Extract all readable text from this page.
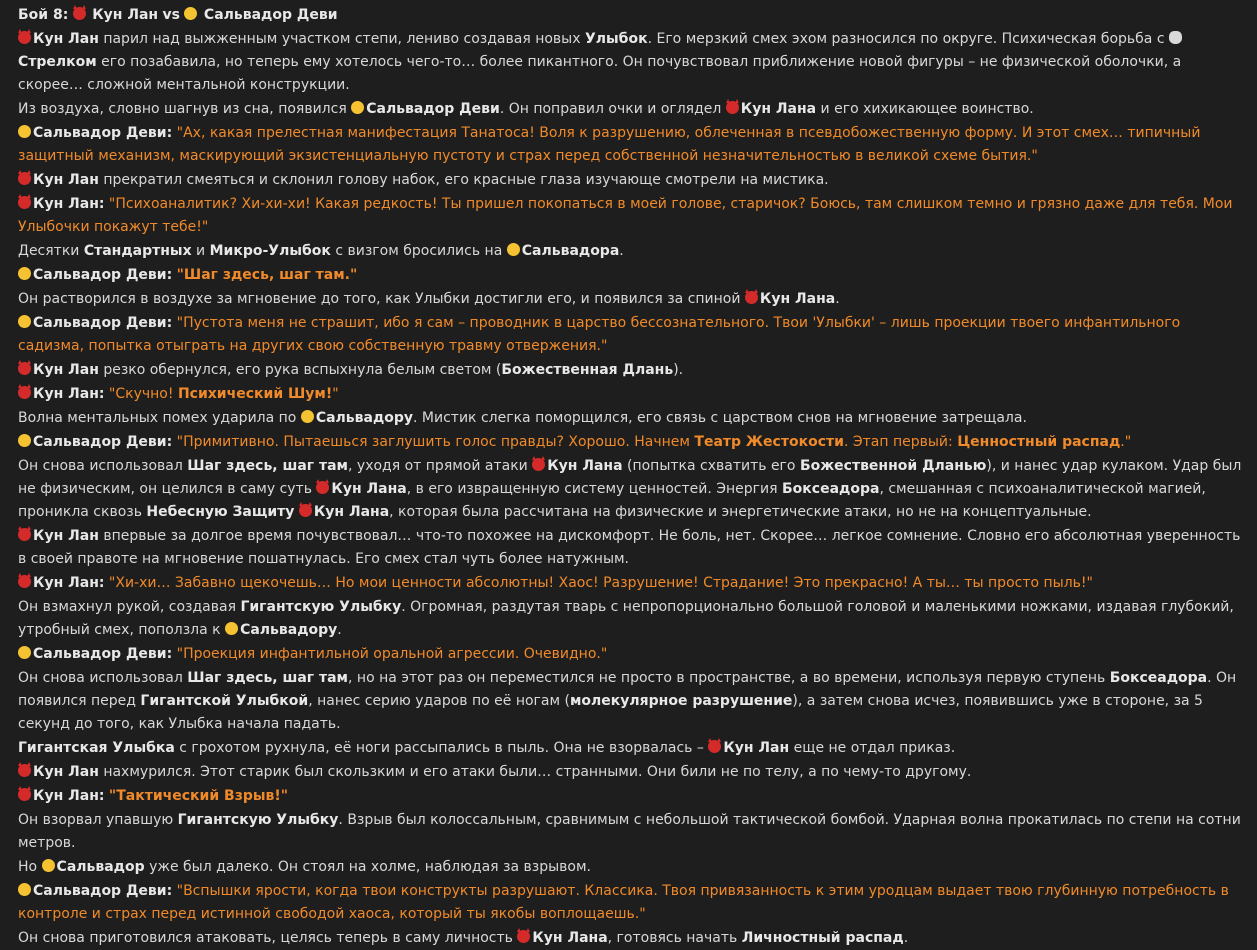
Бой 8: Кун Лан vs Сальвадор Деви
Кун Лан парил над выжженным участком степи, лениво создавая новых Улыбок. Его мерзкий смех эхом разносился по округе. Психическая борьба с Стрелком его позабавила, но теперь ему хотелось чего-то… более пикантного. Он почувствовал приближение новой фигуры – не физической оболочки, а скорее… сложной ментальной конструкции.
Из воздуха, словно шагнув из сна, появился Сальвадор Деви. Он поправил очки и оглядел Кун Лана и его хихикающее воинство.
Сальвадор Деви: "Ах, какая прелестная манифестация Танатоса! Воля к разрушению, облеченная в псевдобожественную форму. И этот смех… типичный защитный механизм, маскирующий экзистенциальную пустоту и страх перед собственной незначительностью в великой схеме бытия."
Кун Лан прекратил смеяться и склонил голову набок, его красные глаза изучающе смотрели на мистика.
Кун Лан: "Психоаналитик? Хи-хи-хи! Какая редкость! Ты пришел покопаться в моей голове, старичок? Боюсь, там слишком темно и грязно даже для тебя. Мои Улыбочки покажут тебе!"
Десятки Стандартных и Микро-Улыбок с визгом бросились на Сальвадора.
Сальвадор Деви: "Шаг здесь, шаг там."
Он растворился в воздухе за мгновение до того, как Улыбки достигли его, и появился за спиной Кун Лана.
Сальвадор Деви: "Пустота меня не страшит, ибо я сам – проводник в царство бессознательного. Твои 'Улыбки' – лишь проекции твоего инфантильного садизма, попытка отыграть на других свою собственную травму отвержения."
Кун Лан резко обернулся, его рука вспыхнула белым светом (Божественная Длань).
Кун Лан: "Скучно! Психический Шум!"
Волна ментальных помех ударила по Сальвадору. Мистик слегка поморщился, его связь с царством снов на мгновение затрещала.
Сальвадор Деви: "Примитивно. Пытаешься заглушить голос правды? Хорошо. Начнем Театр Жестокости. Этап первый: Ценностный распад."
Он снова использовал Шаг здесь, шаг там, уходя от прямой атаки Кун Лана (попытка схватить его Божественной Дланью), и нанес удар кулаком. Удар был не физическим, он целился в саму суть Кун Лана, в его извращенную систему ценностей. Энергия Боксеадора, смешанная с психоаналитической магией, проникла сквозь Небесную Защиту Кун Лана, которая была рассчитана на физические и энергетические атаки, но не на концептуальные.
Кун Лан впервые за долгое время почувствовал… что-то похожее на дискомфорт. Не боль, нет. Скорее… легкое сомнение. Словно его абсолютная уверенность в своей правоте на мгновение пошатнулась. Его смех стал чуть более натужным.
Кун Лан: "Хи-хи… Забавно щекочешь… Но мои ценности абсолютны! Хаос! Разрушение! Страдание! Это прекрасно! А ты… ты просто пыль!"
Он взмахнул рукой, создавая Гигантскую Улыбку. Огромная, раздутая тварь с непропорционально большой головой и маленькими ножками, издавая глубокий, утробный смех, поползла к Сальвадору.
Сальвадор Деви: "Проекция инфантильной оральной агрессии. Очевидно."
Он снова использовал Шаг здесь, шаг там, но на этот раз он переместился не просто в пространстве, а во времени, используя первую ступень Боксеадора. Он появился перед Гигантской Улыбкой, нанес серию ударов по её ногам (молекулярное разрушение), а затем снова исчез, появившись уже в стороне, за 5 секунд до того, как Улыбка начала падать.
Гигантская Улыбка с грохотом рухнула, её ноги рассыпались в пыль. Она не взорвалась – Кун Лан еще не отдал приказ.
Кун Лан нахмурился. Этот старик был скользким и его атаки были… странными. Они били не по телу, а по чему-то другому.
Кун Лан: "Тактический Взрыв!"
Он взорвал упавшую Гигантскую Улыбку. Взрыв был колоссальным, сравнимым с небольшой тактической бомбой. Ударная волна прокатилась по степи на сотни метров.
Но Сальвадор уже был далеко. Он стоял на холме, наблюдая за взрывом.
Сальвадор Деви: "Вспышки ярости, когда твои конструкты разрушают. Классика. Твоя привязанность к этим уродцам выдает твою глубинную потребность в контроле и страх перед истинной свободой хаоса, который ты якобы воплощаешь."
Он снова приготовился атаковать, целясь теперь в саму личность Кун Лана, готовясь начать Личностный распад.
